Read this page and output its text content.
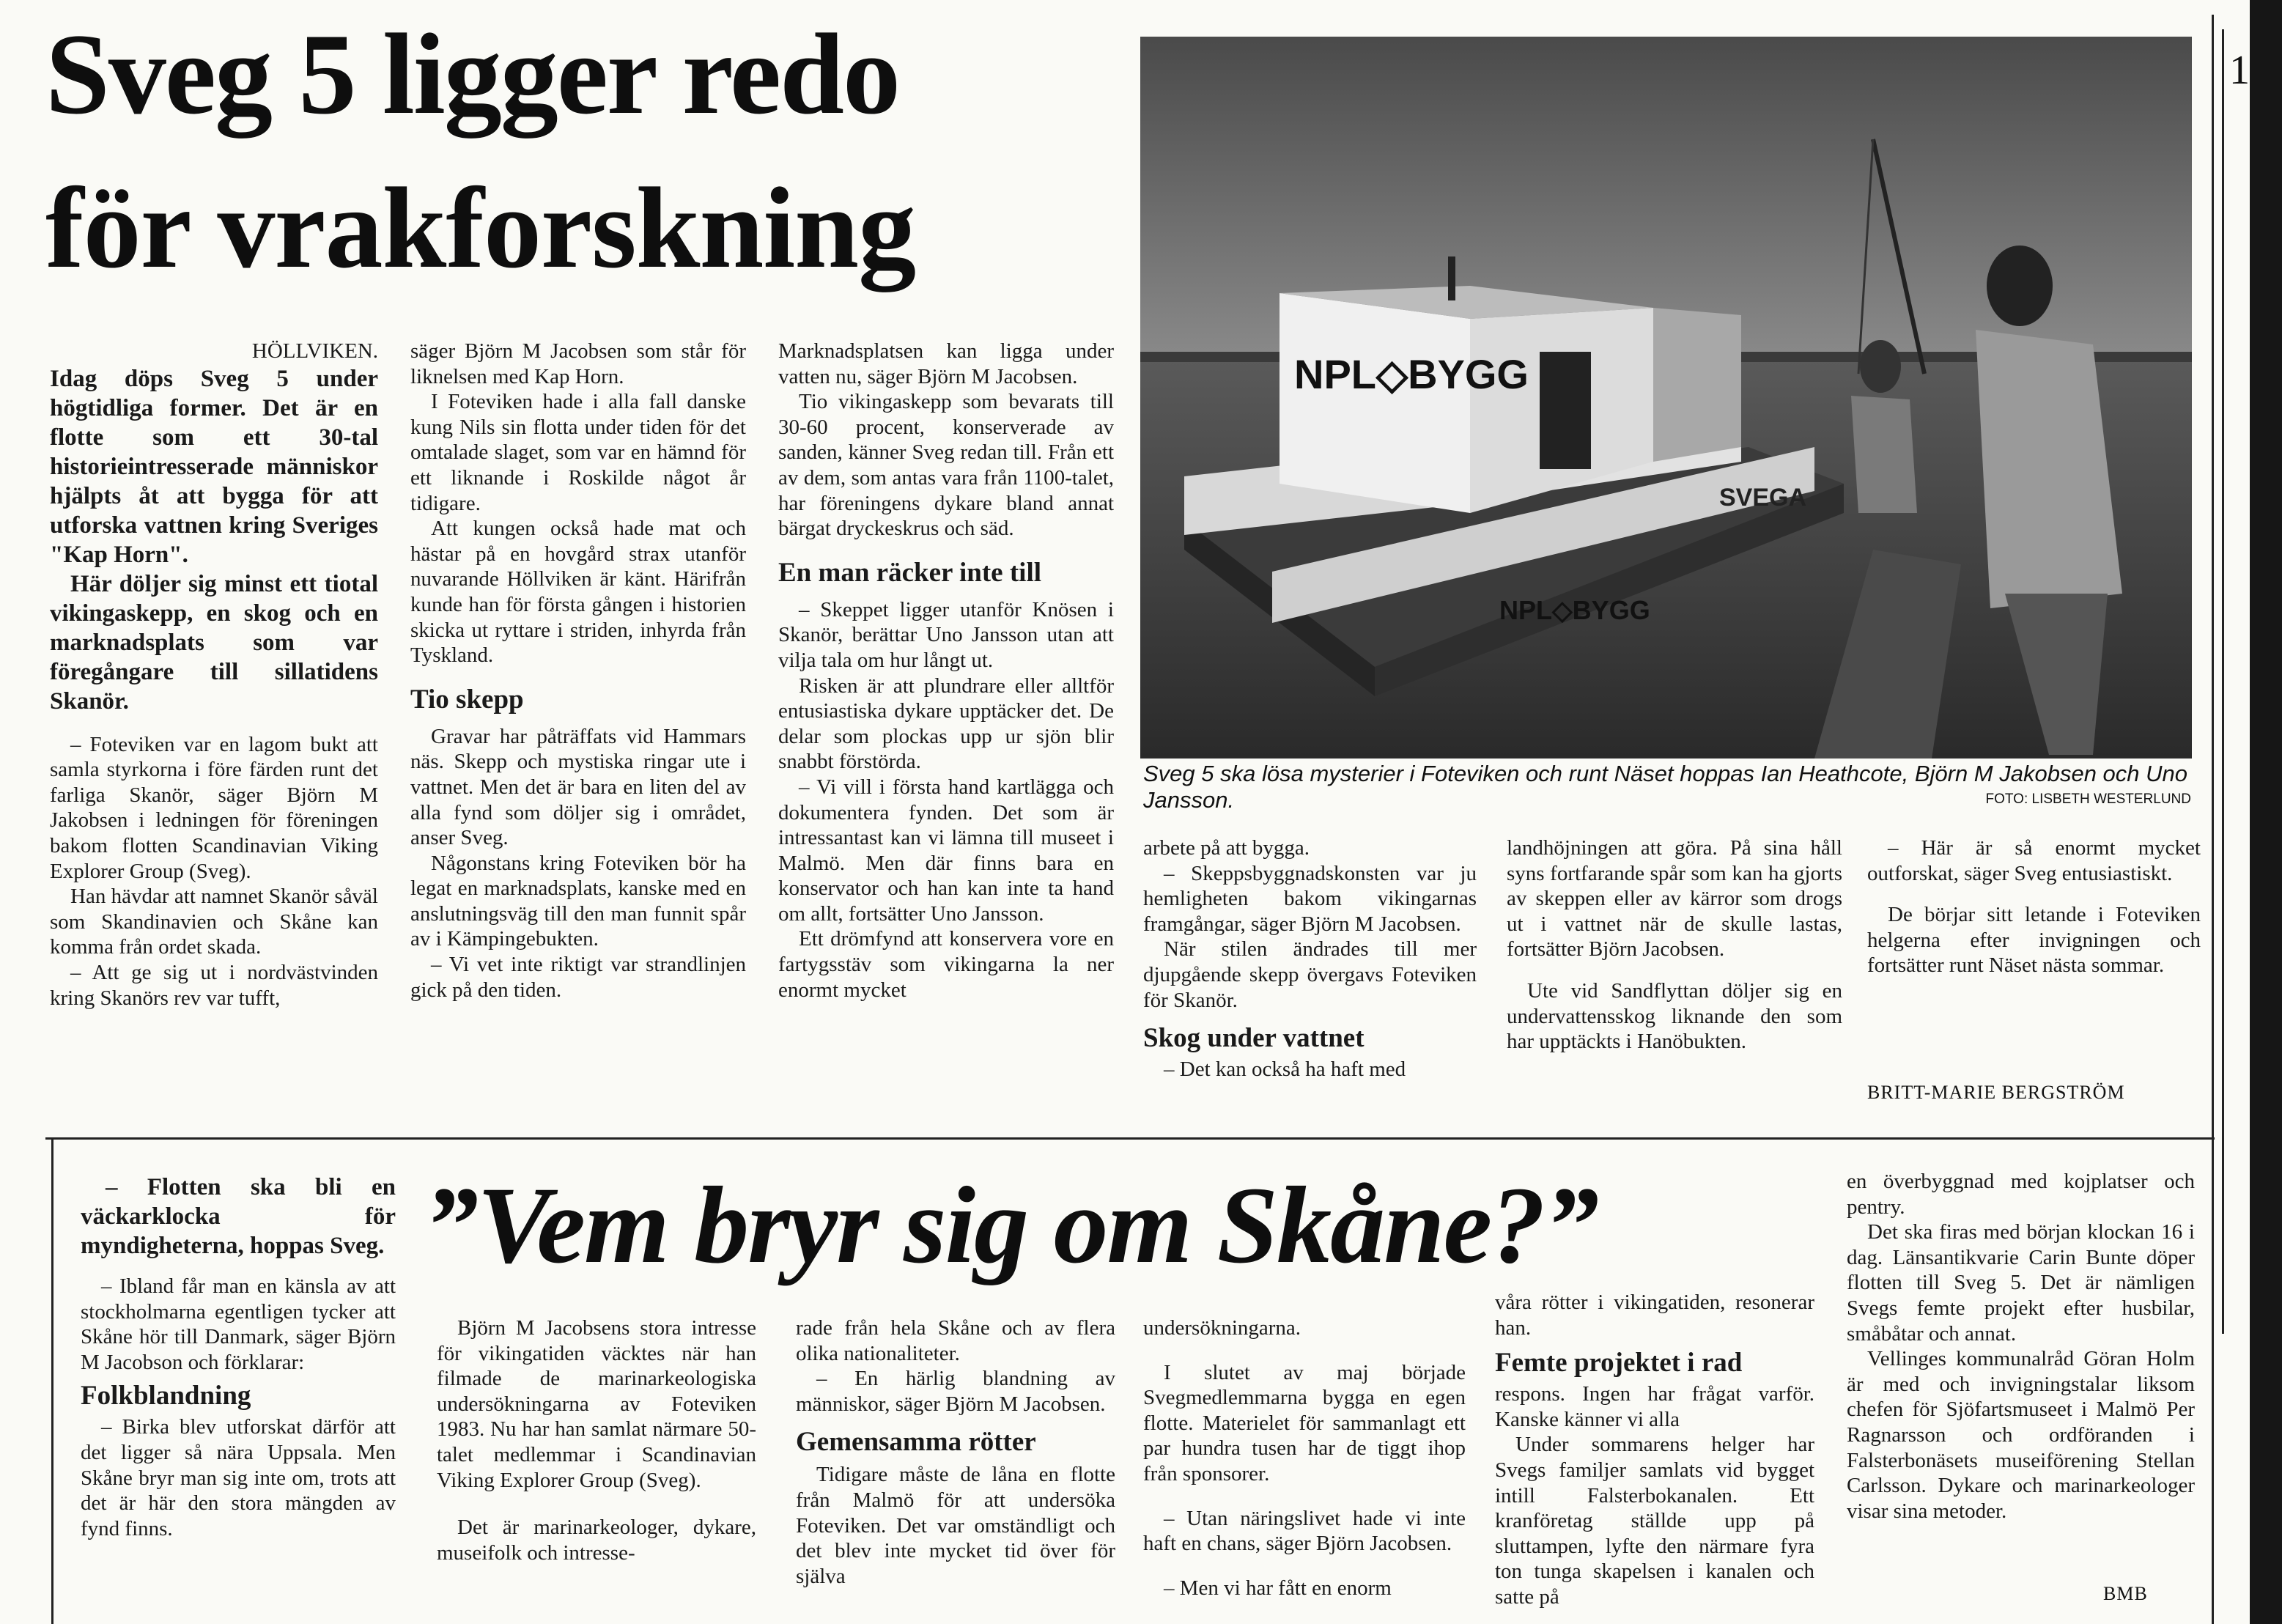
Sveg 5 ligger redo
för vrakforskning
NPL◇BYGG
NPL◇BYGG
SVEGA
Sveg 5 ska lösa mysterier i Foteviken och runt Näset hoppas Ian Heathcote, Björn M Jakobsen och Uno Jansson.	FOTO: LISBETH WESTERLUND

HÖLLVIKEN.

Idag döps Sveg 5 under högtidliga former. Det är en flotte som ett 30-tal historieintresserade människor hjälpts åt att bygga för att utforska vattnen kring Sveriges "Kap Horn".

Här döljer sig minst ett tiotal vikingaskepp, en skog och en marknadsplats som var föregångare till sillatidens Skanör.

– Foteviken var en lagom bukt att samla styrkorna i före färden runt det farliga Skanör, säger Björn M Jakobsen i ledningen för föreningen bakom flotten Scandinavian Viking Explorer Group (Sveg).

Han hävdar att namnet Skanör såväl som Skandinavien och Skåne kan komma från ordet skada.

– Att ge sig ut i nordvästvinden kring Skanörs rev var tufft,

säger Björn M Jacobsen som står för liknelsen med Kap Horn.

I Foteviken hade i alla fall danske kung Nils sin flotta under tiden för det omtalade slaget, som var en hämnd för ett liknande i Roskilde något år tidigare.

Att kungen också hade mat och hästar på en hovgård strax utanför nuvarande Höllviken är känt. Härifrån kunde han för första gången i historien skicka ut ryttare i striden, inhyrda från Tyskland.

Tio skepp

Gravar har påträffats vid Hammars näs. Skepp och mystiska ringar ute i vattnet. Men det är bara en liten del av alla fynd som döljer sig i området, anser Sveg.

Någonstans kring Foteviken bör ha legat en marknadsplats, kanske med en anslutningsväg till den man funnit spår av i Kämpingebukten.

– Vi vet inte riktigt var strandlinjen gick på den tiden.

Marknadsplatsen kan ligga under vatten nu, säger Björn M Jacobsen.

Tio vikingaskepp som bevarats till 30-60 procent, konserverade av sanden, känner Sveg redan till. Från ett av dem, som antas vara från 1100-talet, har föreningens dykare bland annat bärgat dryckeskrus och säd.

En man räcker inte till

– Skeppet ligger utanför Knösen i Skanör, berättar Uno Jansson utan att vilja tala om hur långt ut.

Risken är att plundrare eller alltför entusiastiska dykare upptäcker det. De delar som plockas upp ur sjön blir snabbt förstörda.

– Vi vill i första hand kartlägga och dokumentera fynden. Det som är intressantast kan vi lämna till museet i Malmö. Men där finns bara en konservator och han kan inte ta hand om allt, fortsätter Uno Jansson.

Ett drömfynd att konservera vore en fartygsstäv som vikingarna la ner enormt mycket

arbete på att bygga.

– Skeppsbyggnadskonsten var ju hemligheten bakom vikingarnas framgångar, säger Björn M Jacobsen.

När stilen ändrades till mer djupgående skepp övergavs Foteviken för Skanör.

Skog under vattnet

– Det kan också ha haft med

landhöjningen att göra. På sina håll syns fortfarande spår som kan ha gjorts av skeppen eller av kärror som drogs ut i vattnet när de skulle lastas, fortsätter Björn Jacobsen.

Ute vid Sandflyttan döljer sig en undervattensskog liknande den som har upptäckts i Hanöbukten.

– Här är så enormt mycket outforskat, säger Sveg entusiastiskt.

De börjar sitt letande i Foteviken helgerna efter invigningen och fortsätter runt Näset nästa sommar.

BRITT-MARIE BERGSTRÖM
1
”Vem bryr sig om Skåne?”

– Flotten ska bli en väckarklocka för myndigheterna, hoppas Sveg.

– Ibland får man en känsla av att stockholmarna egentligen tycker att Skåne hör till Danmark, säger Björn M Jacobson och förklarar:

Folkblandning

– Birka blev utforskat därför att det ligger så nära Uppsala. Men Skåne bryr man sig inte om, trots att det är här den stora mängden av fynd finns.

Björn M Jacobsens stora intresse för vikingatiden väcktes när han filmade de marinarkeologiska undersökningarna av Foteviken 1983. Nu har han samlat närmare 50-talet medlemmar i Scandinavian Viking Explorer Group (Sveg).

Det är marinarkeologer, dykare, museifolk och intresse-

rade från hela Skåne och av flera olika nationaliteter.

– En härlig blandning av människor, säger Björn M Jacobsen.

Gemensamma rötter

Tidigare måste de låna en flotte från Malmö för att undersöka Foteviken. Det var omständligt och det blev inte mycket tid över för själva

undersökningarna.

I slutet av maj började Svegmedlemmarna bygga en egen flotte. Materielet för sammanlagt ett par hundra tusen har de tiggt ihop från sponsorer.

– Utan näringslivet hade vi inte haft en chans, säger Björn Jacobsen.

– Men vi har fått en enorm

våra rötter i vikingatiden, resonerar han.

Femte projektet i rad

respons. Ingen har frågat varför. Kanske känner vi alla

Under sommarens helger har Svegs familjer samlats vid bygget intill Falsterbokanalen. Ett kranföretag ställde upp på sluttampen, lyfte den närmare fyra ton tunga skapelsen i kanalen och satte på

en överbyggnad med kojplatser och pentry.

Det ska firas med början klockan 16 i dag. Länsantikvarie Carin Bunte döper flotten till Sveg 5. Det är nämligen Svegs femte projekt efter husbilar, småbåtar och annat.

Vellinges kommunalråd Göran Holm är med och invigningstalar liksom chefen för Sjöfartsmuseet i Malmö Per Ragnarsson och ordföranden i Falsterbonäsets museiförening Stellan Carlsson. Dykare och marinarkeologer visar sina metoder.

BMB
